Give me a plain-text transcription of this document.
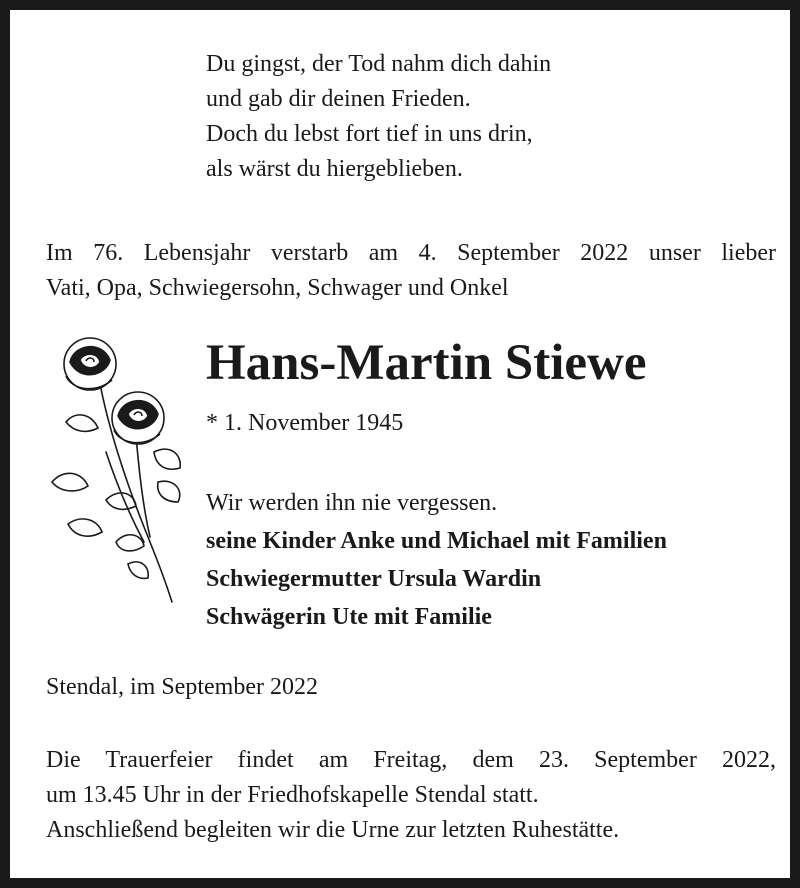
Du gingst, der Tod nahm dich dahin
und gab dir deinen Frieden.
Doch du lebst fort tief in uns drin,
als wärst du hiergeblieben.
Im 76. Lebensjahr verstarb am 4. September 2022 unser lieber
Vati, Opa, Schwiegersohn, Schwager und Onkel
Hans-Martin Stiewe
* 1. November 1945
Wir werden ihn nie vergessen.
seine Kinder Anke und Michael mit Familien
Schwiegermutter Ursula Wardin
Schwägerin Ute mit Familie
Stendal, im September 2022
Die Trauerfeier findet am Freitag, dem 23. September 2022,
um 13.45 Uhr in der Friedhofskapelle Stendal statt.
Anschließend begleiten wir die Urne zur letzten Ruhestätte.
